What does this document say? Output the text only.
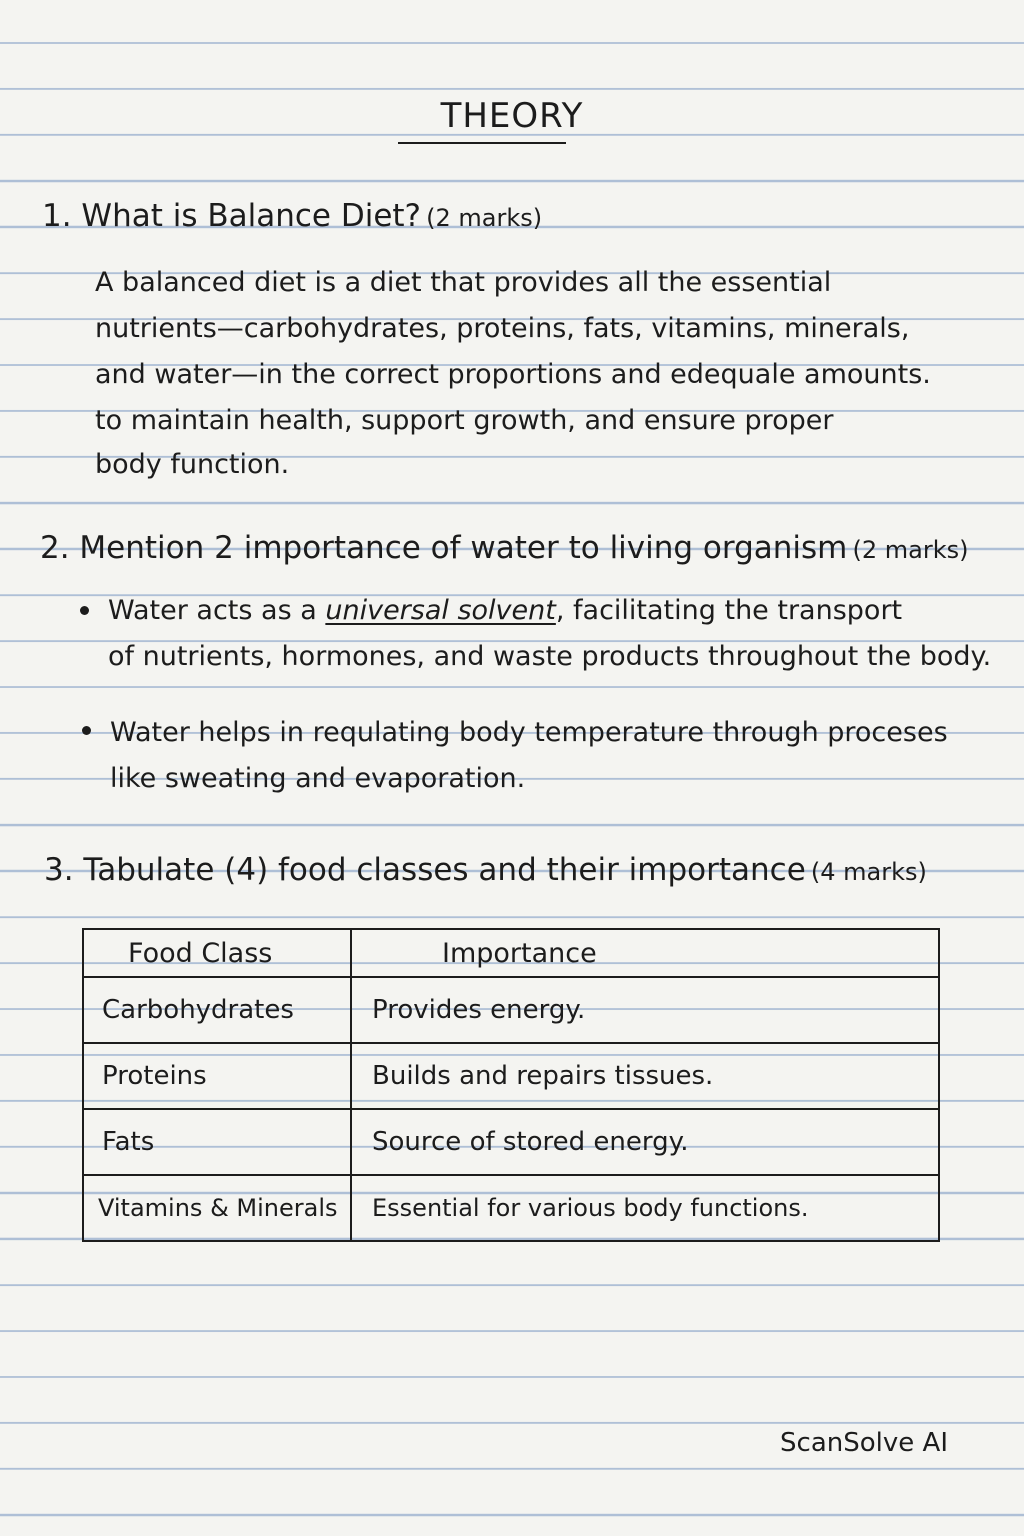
THEORY
1. What is Balance Diet? (2 marks)
A balanced diet is a diet that provides all the essential
nutrients—carbohydrates, proteins, fats, vitamins, minerals,
and water—in the correct proportions and edequale amounts.
to maintain health, support growth, and ensure proper
body function.
2. Mention 2 importance of water to living organism (2 marks)
Water acts as a universal solvent, facilitating the transport
of nutrients, hormones, and waste products throughout the body.
Water helps in requlating body temperature through proceses
like sweating and evaporation.
3. Tabulate (4) food classes and their importance (4 marks)
Food Class	Importance
Carbohydrates	Provides energy.
Proteins	Builds and repairs tissues.
Fats	Source of stored energy.
Vitamins & Minerals	Essential for various body functions.
ScanSolve AI
